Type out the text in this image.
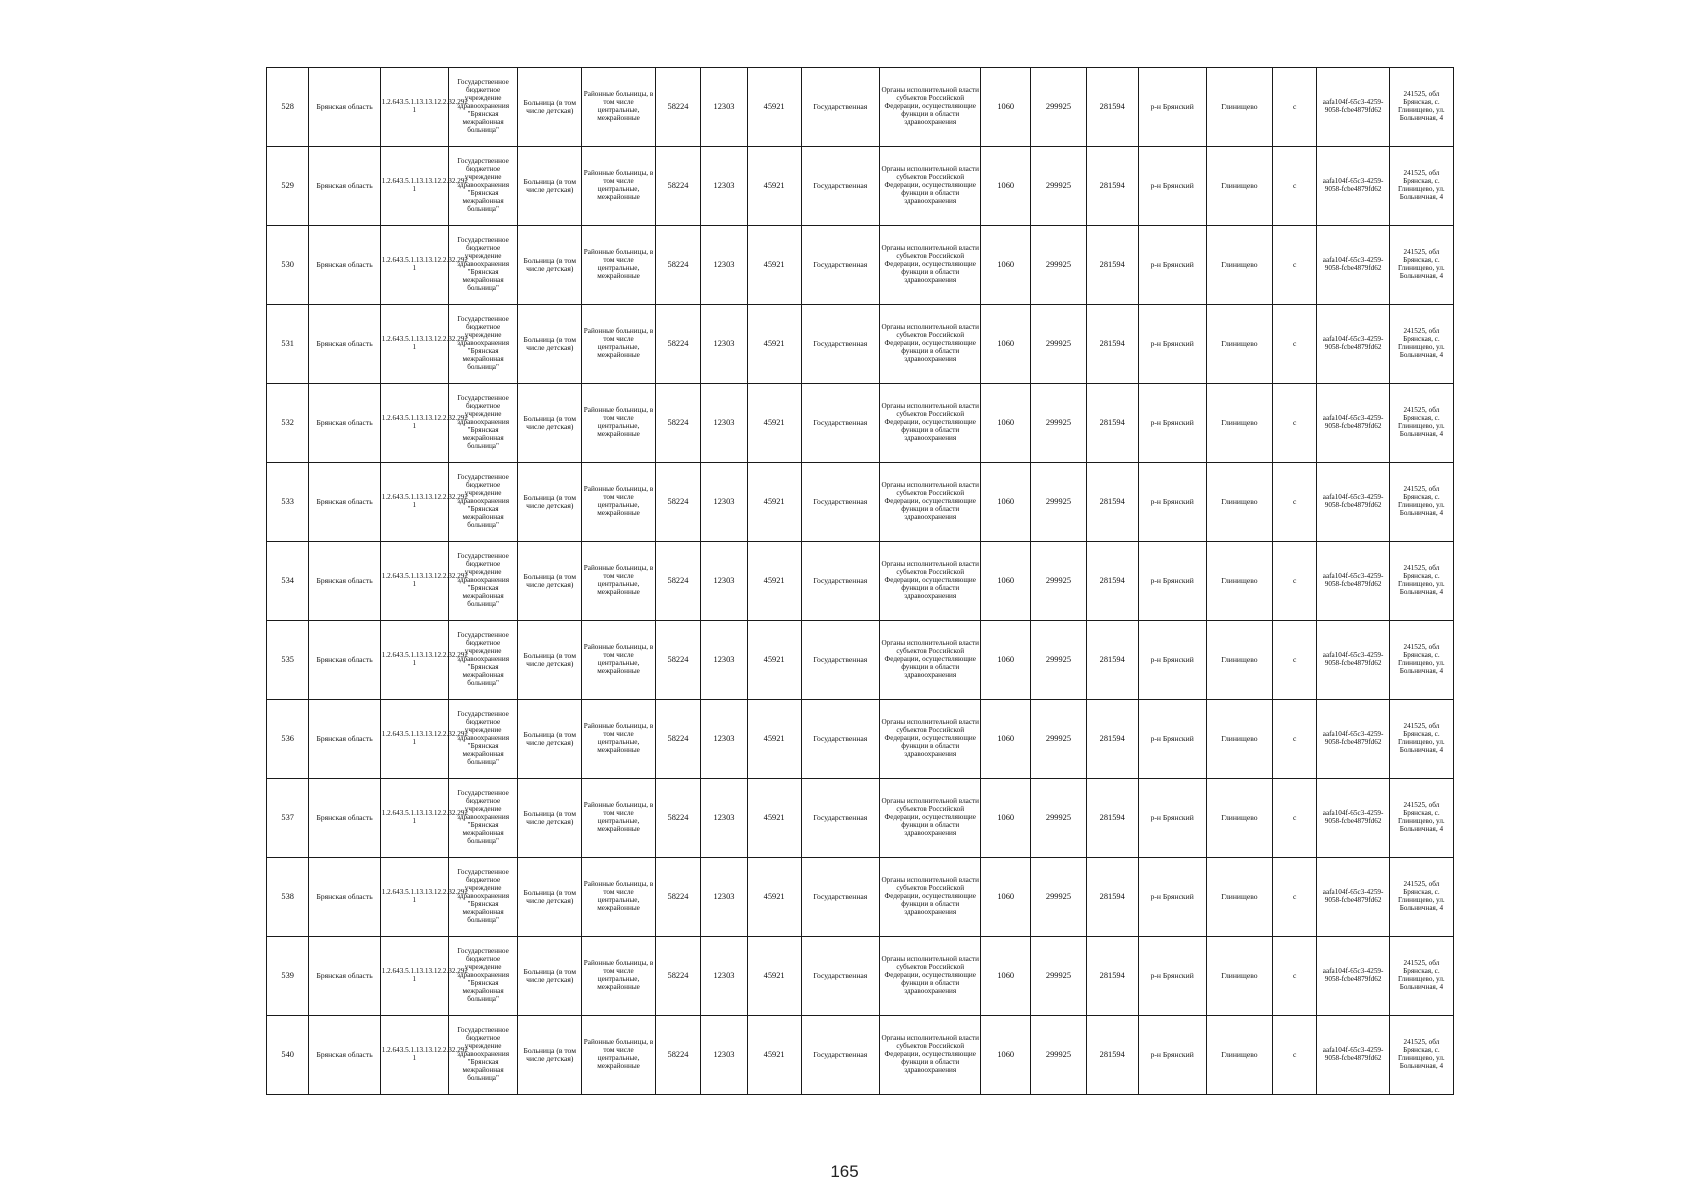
528	Брянская область	1.2.643.5.1.13.13.12.2.32.292 1	Государственное бюджетное учреждение здравоохранения "Брянская межрайонная больница"	Больница (в том числе детская)	Районные больницы, в том числе центральные, межрайонные	58224	12303	45921	Государственная	Органы исполнительной власти субъектов Российской Федерации, осуществляющие функции в области здравоохранения	1060	299925	281594	р-н Брянский	Глинищево	с	aafa104f-65c3-4259-9058-fcbe4879fd62	241525, обл Брянская, с. Глинищево, ул. Больничная, 4
529	Брянская область	1.2.643.5.1.13.13.12.2.32.292 1	Государственное бюджетное учреждение здравоохранения "Брянская межрайонная больница"	Больница (в том числе детская)	Районные больницы, в том числе центральные, межрайонные	58224	12303	45921	Государственная	Органы исполнительной власти субъектов Российской Федерации, осуществляющие функции в области здравоохранения	1060	299925	281594	р-н Брянский	Глинищево	с	aafa104f-65c3-4259-9058-fcbe4879fd62	241525, обл Брянская, с. Глинищево, ул. Больничная, 4
530	Брянская область	1.2.643.5.1.13.13.12.2.32.292 1	Государственное бюджетное учреждение здравоохранения "Брянская межрайонная больница"	Больница (в том числе детская)	Районные больницы, в том числе центральные, межрайонные	58224	12303	45921	Государственная	Органы исполнительной власти субъектов Российской Федерации, осуществляющие функции в области здравоохранения	1060	299925	281594	р-н Брянский	Глинищево	с	aafa104f-65c3-4259-9058-fcbe4879fd62	241525, обл Брянская, с. Глинищево, ул. Больничная, 4
531	Брянская область	1.2.643.5.1.13.13.12.2.32.292 1	Государственное бюджетное учреждение здравоохранения "Брянская межрайонная больница"	Больница (в том числе детская)	Районные больницы, в том числе центральные, межрайонные	58224	12303	45921	Государственная	Органы исполнительной власти субъектов Российской Федерации, осуществляющие функции в области здравоохранения	1060	299925	281594	р-н Брянский	Глинищево	с	aafa104f-65c3-4259-9058-fcbe4879fd62	241525, обл Брянская, с. Глинищево, ул. Больничная, 4
532	Брянская область	1.2.643.5.1.13.13.12.2.32.292 1	Государственное бюджетное учреждение здравоохранения "Брянская межрайонная больница"	Больница (в том числе детская)	Районные больницы, в том числе центральные, межрайонные	58224	12303	45921	Государственная	Органы исполнительной власти субъектов Российской Федерации, осуществляющие функции в области здравоохранения	1060	299925	281594	р-н Брянский	Глинищево	с	aafa104f-65c3-4259-9058-fcbe4879fd62	241525, обл Брянская, с. Глинищево, ул. Больничная, 4
533	Брянская область	1.2.643.5.1.13.13.12.2.32.292 1	Государственное бюджетное учреждение здравоохранения "Брянская межрайонная больница"	Больница (в том числе детская)	Районные больницы, в том числе центральные, межрайонные	58224	12303	45921	Государственная	Органы исполнительной власти субъектов Российской Федерации, осуществляющие функции в области здравоохранения	1060	299925	281594	р-н Брянский	Глинищево	с	aafa104f-65c3-4259-9058-fcbe4879fd62	241525, обл Брянская, с. Глинищево, ул. Больничная, 4
534	Брянская область	1.2.643.5.1.13.13.12.2.32.292 1	Государственное бюджетное учреждение здравоохранения "Брянская межрайонная больница"	Больница (в том числе детская)	Районные больницы, в том числе центральные, межрайонные	58224	12303	45921	Государственная	Органы исполнительной власти субъектов Российской Федерации, осуществляющие функции в области здравоохранения	1060	299925	281594	р-н Брянский	Глинищево	с	aafa104f-65c3-4259-9058-fcbe4879fd62	241525, обл Брянская, с. Глинищево, ул. Больничная, 4
535	Брянская область	1.2.643.5.1.13.13.12.2.32.292 1	Государственное бюджетное учреждение здравоохранения "Брянская межрайонная больница"	Больница (в том числе детская)	Районные больницы, в том числе центральные, межрайонные	58224	12303	45921	Государственная	Органы исполнительной власти субъектов Российской Федерации, осуществляющие функции в области здравоохранения	1060	299925	281594	р-н Брянский	Глинищево	с	aafa104f-65c3-4259-9058-fcbe4879fd62	241525, обл Брянская, с. Глинищево, ул. Больничная, 4
536	Брянская область	1.2.643.5.1.13.13.12.2.32.292 1	Государственное бюджетное учреждение здравоохранения "Брянская межрайонная больница"	Больница (в том числе детская)	Районные больницы, в том числе центральные, межрайонные	58224	12303	45921	Государственная	Органы исполнительной власти субъектов Российской Федерации, осуществляющие функции в области здравоохранения	1060	299925	281594	р-н Брянский	Глинищево	с	aafa104f-65c3-4259-9058-fcbe4879fd62	241525, обл Брянская, с. Глинищево, ул. Больничная, 4
537	Брянская область	1.2.643.5.1.13.13.12.2.32.292 1	Государственное бюджетное учреждение здравоохранения "Брянская межрайонная больница"	Больница (в том числе детская)	Районные больницы, в том числе центральные, межрайонные	58224	12303	45921	Государственная	Органы исполнительной власти субъектов Российской Федерации, осуществляющие функции в области здравоохранения	1060	299925	281594	р-н Брянский	Глинищево	с	aafa104f-65c3-4259-9058-fcbe4879fd62	241525, обл Брянская, с. Глинищево, ул. Больничная, 4
538	Брянская область	1.2.643.5.1.13.13.12.2.32.292 1	Государственное бюджетное учреждение здравоохранения "Брянская межрайонная больница"	Больница (в том числе детская)	Районные больницы, в том числе центральные, межрайонные	58224	12303	45921	Государственная	Органы исполнительной власти субъектов Российской Федерации, осуществляющие функции в области здравоохранения	1060	299925	281594	р-н Брянский	Глинищево	с	aafa104f-65c3-4259-9058-fcbe4879fd62	241525, обл Брянская, с. Глинищево, ул. Больничная, 4
539	Брянская область	1.2.643.5.1.13.13.12.2.32.292 1	Государственное бюджетное учреждение здравоохранения "Брянская межрайонная больница"	Больница (в том числе детская)	Районные больницы, в том числе центральные, межрайонные	58224	12303	45921	Государственная	Органы исполнительной власти субъектов Российской Федерации, осуществляющие функции в области здравоохранения	1060	299925	281594	р-н Брянский	Глинищево	с	aafa104f-65c3-4259-9058-fcbe4879fd62	241525, обл Брянская, с. Глинищево, ул. Больничная, 4
540	Брянская область	1.2.643.5.1.13.13.12.2.32.292 1	Государственное бюджетное учреждение здравоохранения "Брянская межрайонная больница"	Больница (в том числе детская)	Районные больницы, в том числе центральные, межрайонные	58224	12303	45921	Государственная	Органы исполнительной власти субъектов Российской Федерации, осуществляющие функции в области здравоохранения	1060	299925	281594	р-н Брянский	Глинищево	с	aafa104f-65c3-4259-9058-fcbe4879fd62	241525, обл Брянская, с. Глинищево, ул. Больничная, 4
165
